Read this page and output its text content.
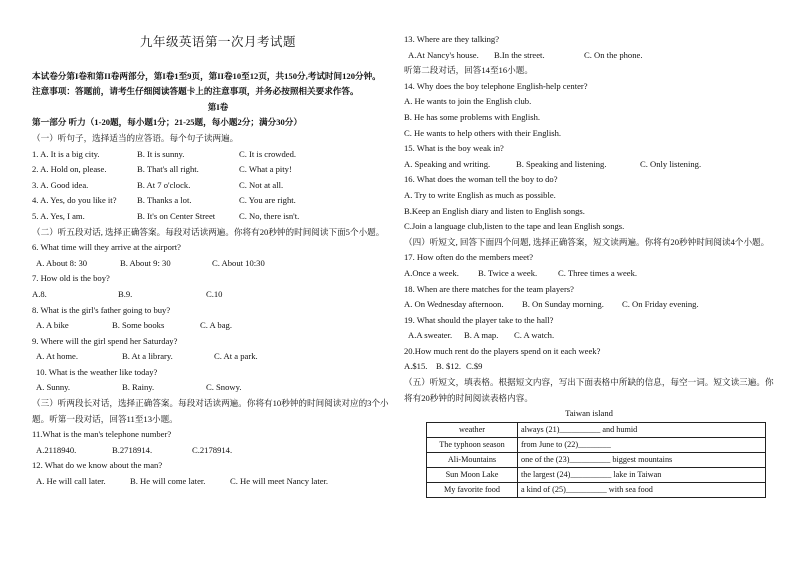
九年级英语第一次月考试题
本试卷分第I卷和第II卷两部分，第I卷1至9页，第II卷10至12页，共150分,考试时间120分钟。
注意事项：答题前，请考生仔细阅读答题卡上的注意事项，并务必按照相关要求作答。
第I卷
第一部分 听力（1-20题，每小题1分；21-25题，每小题2分；满分30分）
（一）听句子，选择适当的应答语。每个句子读两遍。
1. A. It is a big city.	B. It is sunny.	C. It is crowded.
2. A. Hold on, please.	B. That's all right.	C. What a pity!
3. A. Good idea.	B. At 7 o'clock.	C. Not at all.
4. A. Yes, do you like it?	B. Thanks a lot.	C. You are right.
5. A. Yes, I am.	B. It's on Center Street	C. No, there isn't.
（二）听五段对话, 选择正确答案。每段对话读两遍。你将有20秒钟的时间阅读下面5个小题。
6. What time will they arrive at the airport?
A. About 8: 30	B. About 9: 30	C. About 10:30
7. How old is the boy?
A.8.	B.9.	C.10
8. What is the girl's father going to buy?
A. A bike	B. Some books	C. A bag.
9. Where will the girl spend her Saturday?
A. At home.	B. At a library.	C. At a park.
10. What is the weather like today?
A. Sunny.	B. Rainy.	C. Snowy.
（三）听两段长对话，选择正确答案。每段对话读两遍。你将有10秒钟的时间阅读对应的3个小题。听第一段对话，回答11至13小题。
11.What is the man's telephone number?
A.2118940.	B.2718914.	C.2178914.
12. What do we know about the man?
A. He will call later.	B. He will come later.	C. He will meet Nancy later.
13. Where are they talking?
A.At Nancy's house.	B.In the street.	C. On the phone.
听第二段对话，回答14至16小题。
14. Why does the boy telephone English-help center?
A. He wants to join the English club.
B. He has some problems with English.
C. He wants to help others with their English.
15. What is the boy weak in?
A. Speaking and writing.	B. Speaking and listening.	C. Only listening.
16. What does the woman tell the boy to do?
A. Try to write English as much as possible.
B.Keep an English diary and listen to English songs.
C.Join a language club,listen to the tape and lean English songs.
（四）听短文, 回答下面四个问题, 选择正确答案，短文读两遍。你将有20秒钟时间阅读4个小题。
17. How often do the members meet?
A.Once a week.	B. Twice a week.	C. Three times a week.
18. When are there matches for the team players?
A. On Wednesday afternoon.	B. On Sunday morning.	C. On Friday evening.
19. What should the player take to the hall?
A.A sweater.	B. A map.	C. A watch.
20.How much rent do the players spend on it each week?
A.$15. B. $12. C.$9
（五）听短文，填表格。根据短文内容，写出下面表格中所缺的信息，每空一词。短文读三遍。你将有20秒钟的时间阅读表格内容。
Taiwan island
weather	always (21)__________ and humid
The typhoon season	from June to (22)________
Ali-Mountains	one of the (23)__________ biggest mountains
Sun Moon Lake	the largest (24)__________ lake in Taiwan
My favorite food	a kind of (25)__________ with sea food
